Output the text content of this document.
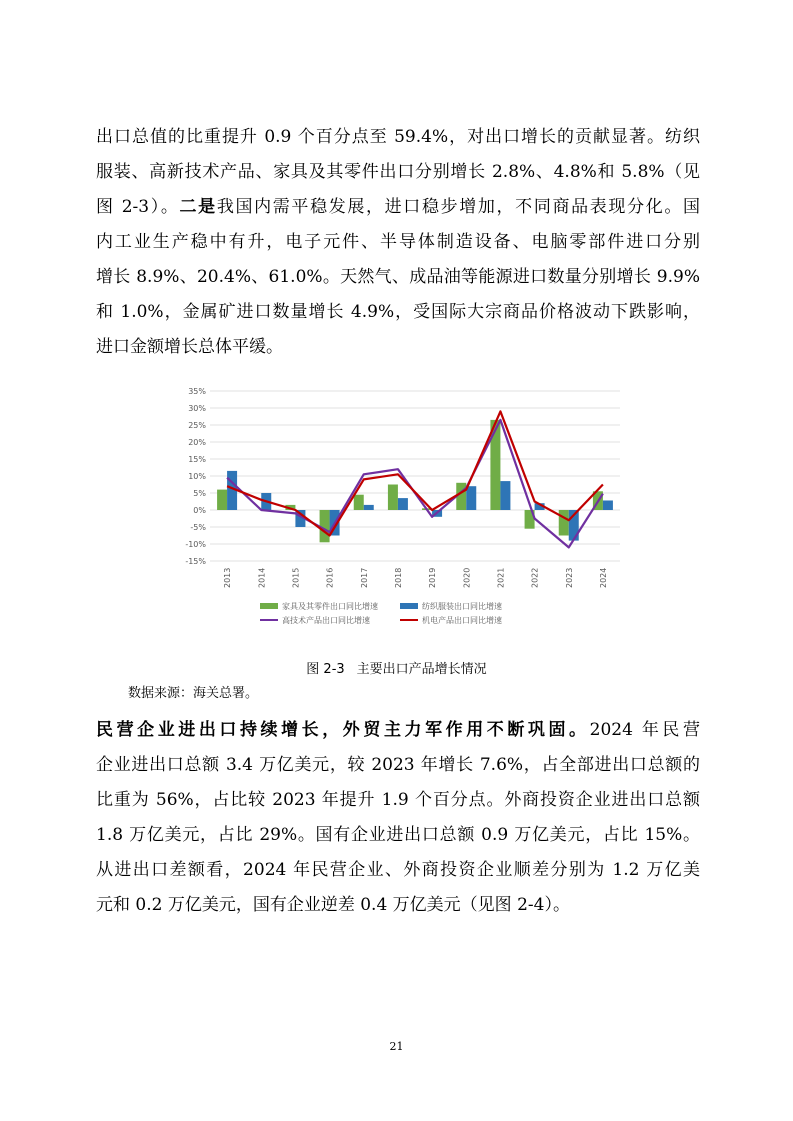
出口总值的比重提升 0.9 个百分点至 59.4%，对出口增长的贡献显著。纺织
服装、高新技术产品、家具及其零件出口分别增长 2.8%、4.8%和 5.8%（见
图 2-3）。二是我国内需平稳发展，进口稳步增加，不同商品表现分化。国
内工业生产稳中有升，电子元件、半导体制造设备、电脑零部件进口分别
增长 8.9%、20.4%、61.0%。天然气、成品油等能源进口数量分别增长 9.9%
和 1.0%，金属矿进口数量增长 4.9%，受国际大宗商品价格波动下跌影响，
进口金额增长总体平缓。
35%
30%
25%
20%
15%
10%
5%
0%
-5%
-10%
-15%
2013	2014	2015	2016	2017	2018	2019	2020	2021	2022	2023	2024
家具及其零件出口同比增速	纺织服装出口同比增速
高技术产品出口同比增速	机电产品出口同比增速
图 2-3 主要出口产品增长情况
数据来源：海关总署。
民营企业进出口持续增长，外贸主力军作用不断巩固。2024 年民营
企业进出口总额 3.4 万亿美元，较 2023 年增长 7.6%，占全部进出口总额的
比重为 56%，占比较 2023 年提升 1.9 个百分点。外商投资企业进出口总额
1.8 万亿美元，占比 29%。国有企业进出口总额 0.9 万亿美元，占比 15%。
从进出口差额看，2024 年民营企业、外商投资企业顺差分别为 1.2 万亿美
元和 0.2 万亿美元，国有企业逆差 0.4 万亿美元（见图 2-4）。
21
